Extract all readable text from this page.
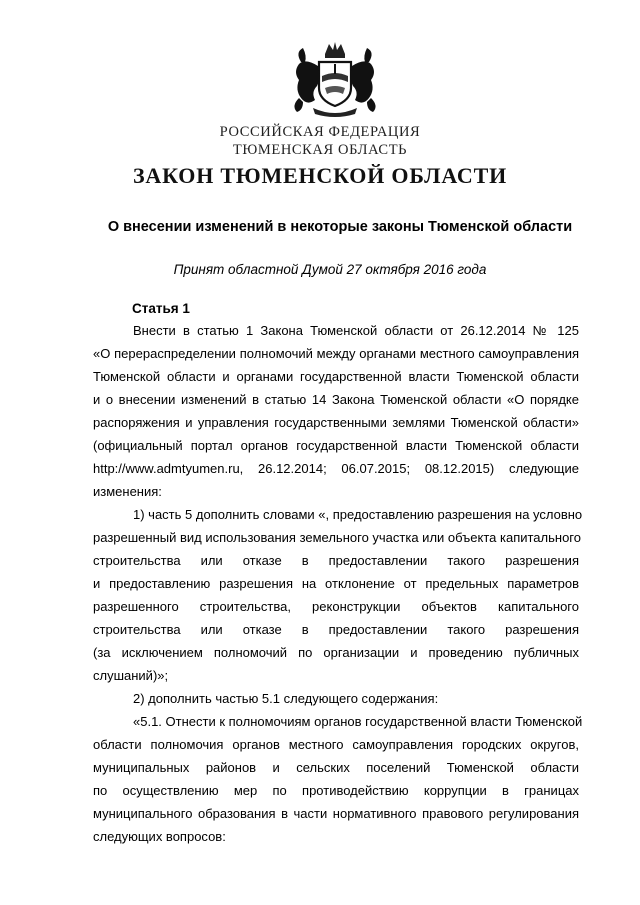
РОССИЙСКАЯ ФЕДЕРАЦИЯ
ТЮМЕНСКАЯ ОБЛАСТЬ
ЗАКОН ТЮМЕНСКОЙ ОБЛАСТИ
О внесении изменений в некоторые законы Тюменской области
Принят областной Думой 27 октября 2016 года
Статья 1
Внести в статью 1 Закона Тюменской области от 26.12.2014 № 125
«О перераспределении полномочий между органами местного самоуправления
Тюменской области и органами государственной власти Тюменской области
и о внесении изменений в статью 14 Закона Тюменской области «О порядке
распоряжения и управления государственными землями Тюменской области»
(официальный портал органов государственной власти Тюменской области
http://www.admtyumen.ru, 26.12.2014; 06.07.2015; 08.12.2015) следующие
изменения:
1) часть 5 дополнить словами «, предоставлению разрешения на условно
разрешенный вид использования земельного участка или объекта капитального
строительства или отказе в предоставлении такого разрешения
и предоставлению разрешения на отклонение от предельных параметров
разрешенного строительства, реконструкции объектов капитального
строительства или отказе в предоставлении такого разрешения
(за исключением полномочий по организации и проведению публичных
слушаний)»;
2) дополнить частью 5.1 следующего содержания:
«5.1. Отнести к полномочиям органов государственной власти Тюменской
области полномочия органов местного самоуправления городских округов,
муниципальных районов и сельских поселений Тюменской области
по осуществлению мер по противодействию коррупции в границах
муниципального образования в части нормативного правового регулирования
следующих вопросов:
